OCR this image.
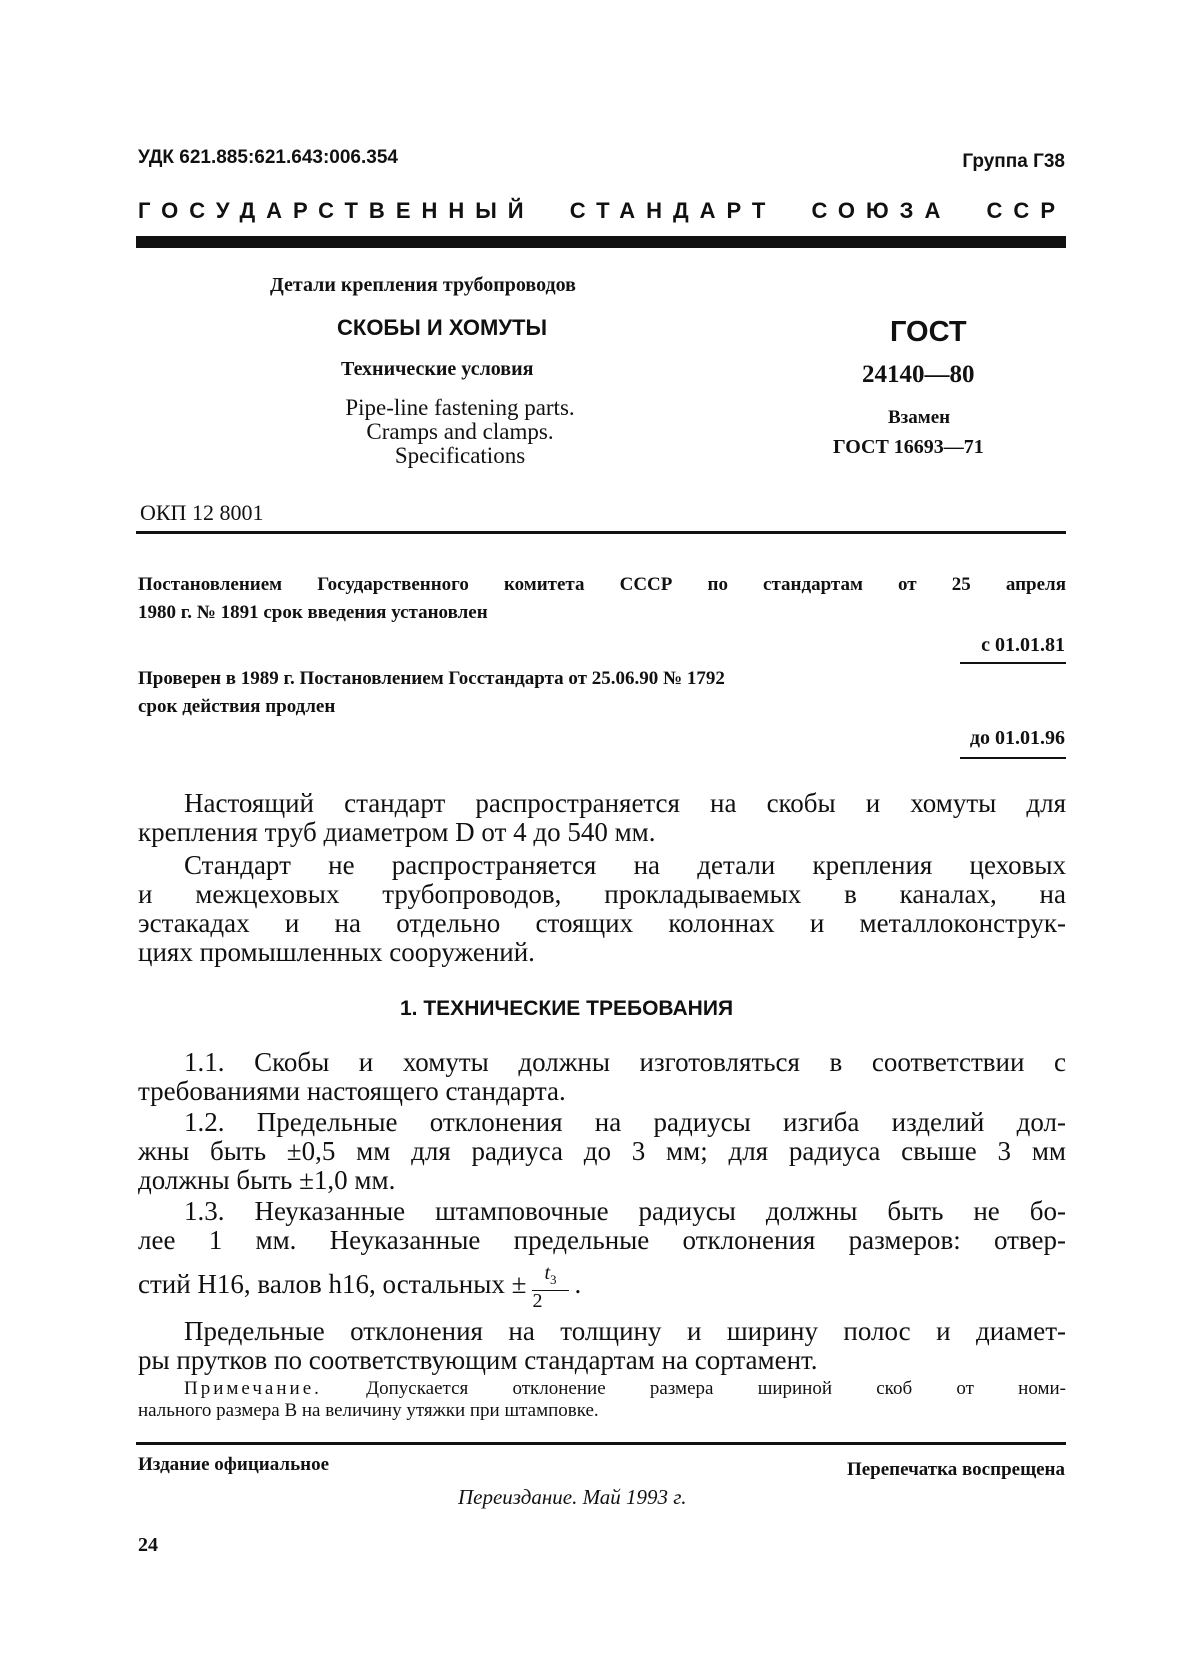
УДК 621.885:621.643:006.354	Группа Г38
ГОСУДАРСТВЕННЫЙ СТАНДАРТ СОЮЗА ССР
Детали крепления трубопроводов
СКОБЫ И ХОМУТЫ
Технические условия
Pipe-line fastening parts.
Cramps and clamps.
Specifications
ГОСТ
24140—80
Взамен
ГОСТ 16693—71
ОКП 12 8001
Постановлением Государственного комитета СССР по стандартам от 25 апреля
1980 г. № 1891 срок введения установлен
с 01.01.81
Проверен в 1989 г. Постановлением Госстандарта от 25.06.90 № 1792
срок действия продлен
до 01.01.96
Настоящий стандарт распространяется на скобы и хомуты для
крепления труб диаметром D от 4 до 540 мм.
Стандарт не распространяется на детали крепления цеховых
и межцеховых трубопроводов, прокладываемых в каналах, на
эстакадах и на отдельно стоящих колоннах и металлоконструк-
циях промышленных сооружений.
1. ТЕХНИЧЕСКИЕ ТРЕБОВАНИЯ
1.1. Скобы и хомуты должны изготовляться в соответствии с
требованиями настоящего стандарта.
1.2. Предельные отклонения на радиусы изгиба изделий дол-
жны быть ±0,5 мм для радиуса до 3 мм; для радиуса свыше 3 мм
должны быть ±1,0 мм.
1.3. Неуказанные штамповочные радиусы должны быть не бо-
лее 1 мм. Неуказанные предельные отклонения размеров: отвер-
стий H16, валов h16, остальных ± $\frac{t_3}{2}$ .
Предельные отклонения на толщину и ширину полос и диамет-
ры прутков по соответствующим стандартам на сортамент.
Примечание. Допускается отклонение размера шириной скоб от номи-
нального размера B на величину утяжки при штамповке.
Издание официальное	Перепечатка воспрещена
Переиздание. Май 1993 г.
24
